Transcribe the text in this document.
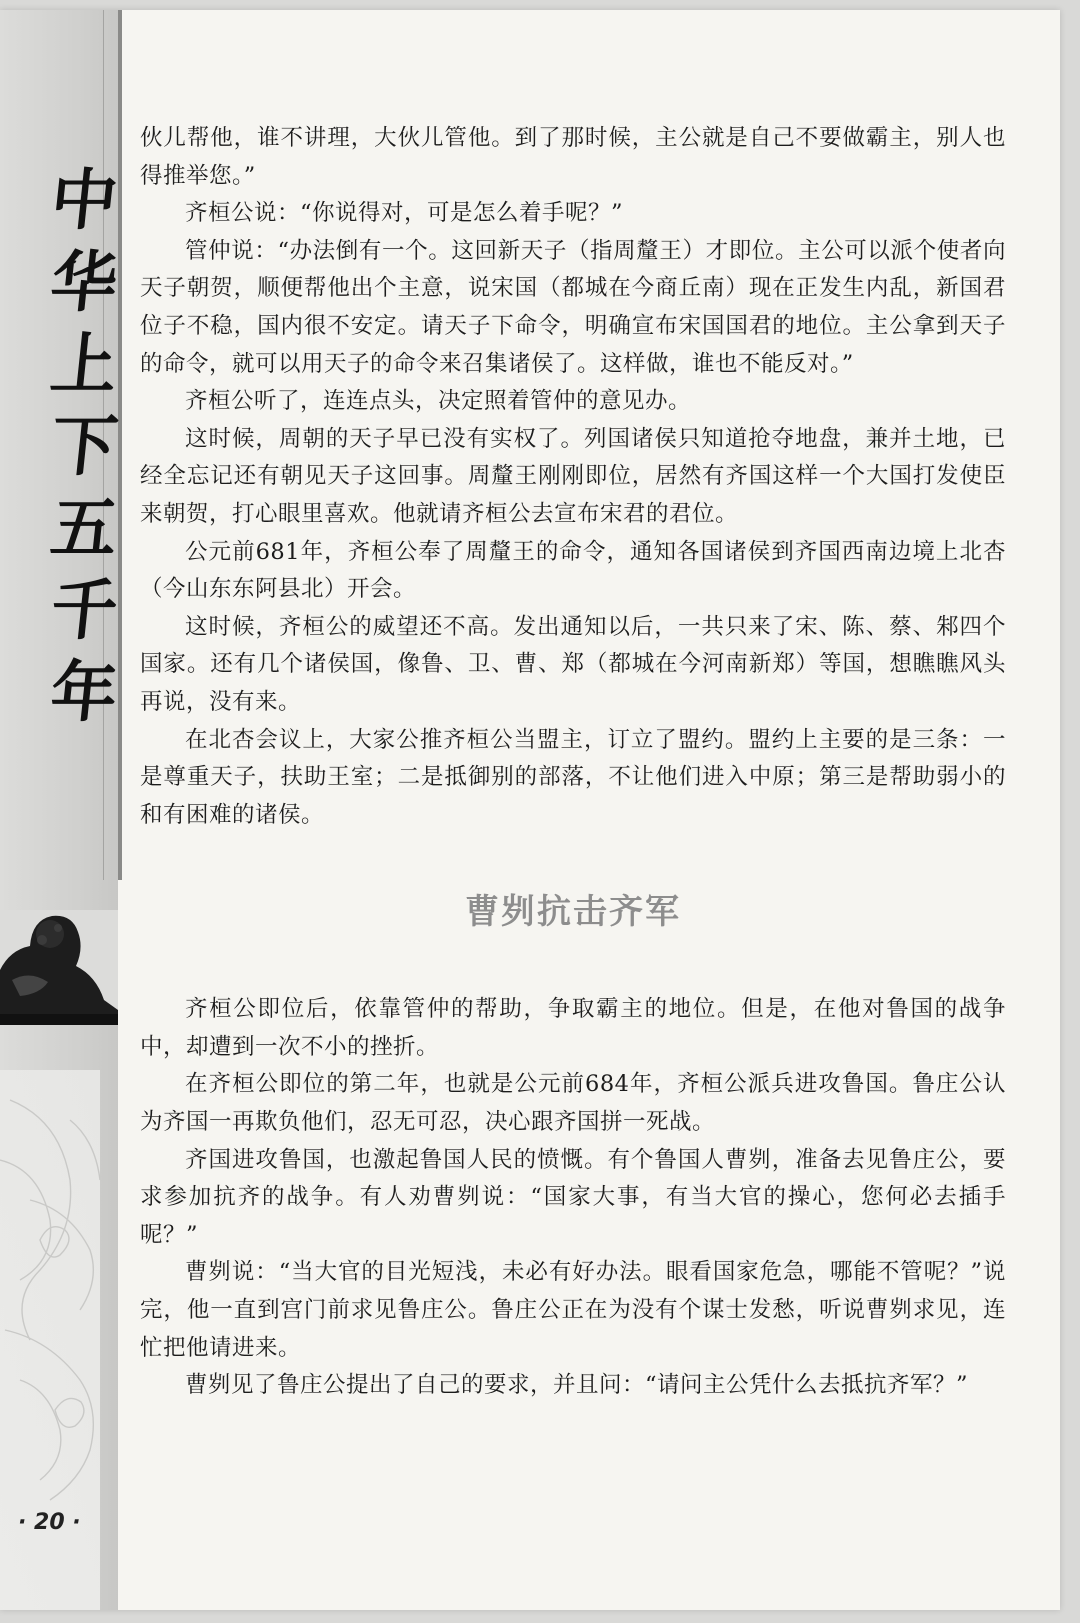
中
华
上
下
五
千
年
· 20 ·

伙儿帮他，谁不讲理，大伙儿管他。到了那时候，主公就是自己不要做霸主，别人也得推举您。”

齐桓公说：“你说得对，可是怎么着手呢？”

管仲说：“办法倒有一个。这回新天子（指周釐王）才即位。主公可以派个使者向天子朝贺，顺便帮他出个主意，说宋国（都城在今商丘南）现在正发生内乱，新国君位子不稳，国内很不安定。请天子下命令，明确宣布宋国国君的地位。主公拿到天子的命令，就可以用天子的命令来召集诸侯了。这样做，谁也不能反对。”

齐桓公听了，连连点头，决定照着管仲的意见办。

这时候，周朝的天子早已没有实权了。列国诸侯只知道抢夺地盘，兼并土地，已经全忘记还有朝见天子这回事。周釐王刚刚即位，居然有齐国这样一个大国打发使臣来朝贺，打心眼里喜欢。他就请齐桓公去宣布宋君的君位。

公元前681年，齐桓公奉了周釐王的命令，通知各国诸侯到齐国西南边境上北杏（今山东东阿县北）开会。

这时候，齐桓公的威望还不高。发出通知以后，一共只来了宋、陈、蔡、邾四个国家。还有几个诸侯国，像鲁、卫、曹、郑（都城在今河南新郑）等国，想瞧瞧风头再说，没有来。

在北杏会议上，大家公推齐桓公当盟主，订立了盟约。盟约上主要的是三条：一是尊重天子，扶助王室；二是抵御别的部落，不让他们进入中原；第三是帮助弱小的和有困难的诸侯。

曹刿抗击齐军

齐桓公即位后，依靠管仲的帮助，争取霸主的地位。但是，在他对鲁国的战争中，却遭到一次不小的挫折。

在齐桓公即位的第二年，也就是公元前684年，齐桓公派兵进攻鲁国。鲁庄公认为齐国一再欺负他们，忍无可忍，决心跟齐国拼一死战。

齐国进攻鲁国，也激起鲁国人民的愤慨。有个鲁国人曹刿，准备去见鲁庄公，要求参加抗齐的战争。有人劝曹刿说：“国家大事，有当大官的操心，您何必去插手呢？”

曹刿说：“当大官的目光短浅，未必有好办法。眼看国家危急，哪能不管呢？”说完，他一直到宫门前求见鲁庄公。鲁庄公正在为没有个谋士发愁，听说曹刿求见，连忙把他请进来。

曹刿见了鲁庄公提出了自己的要求，并且问：“请问主公凭什么去抵抗齐军？”
